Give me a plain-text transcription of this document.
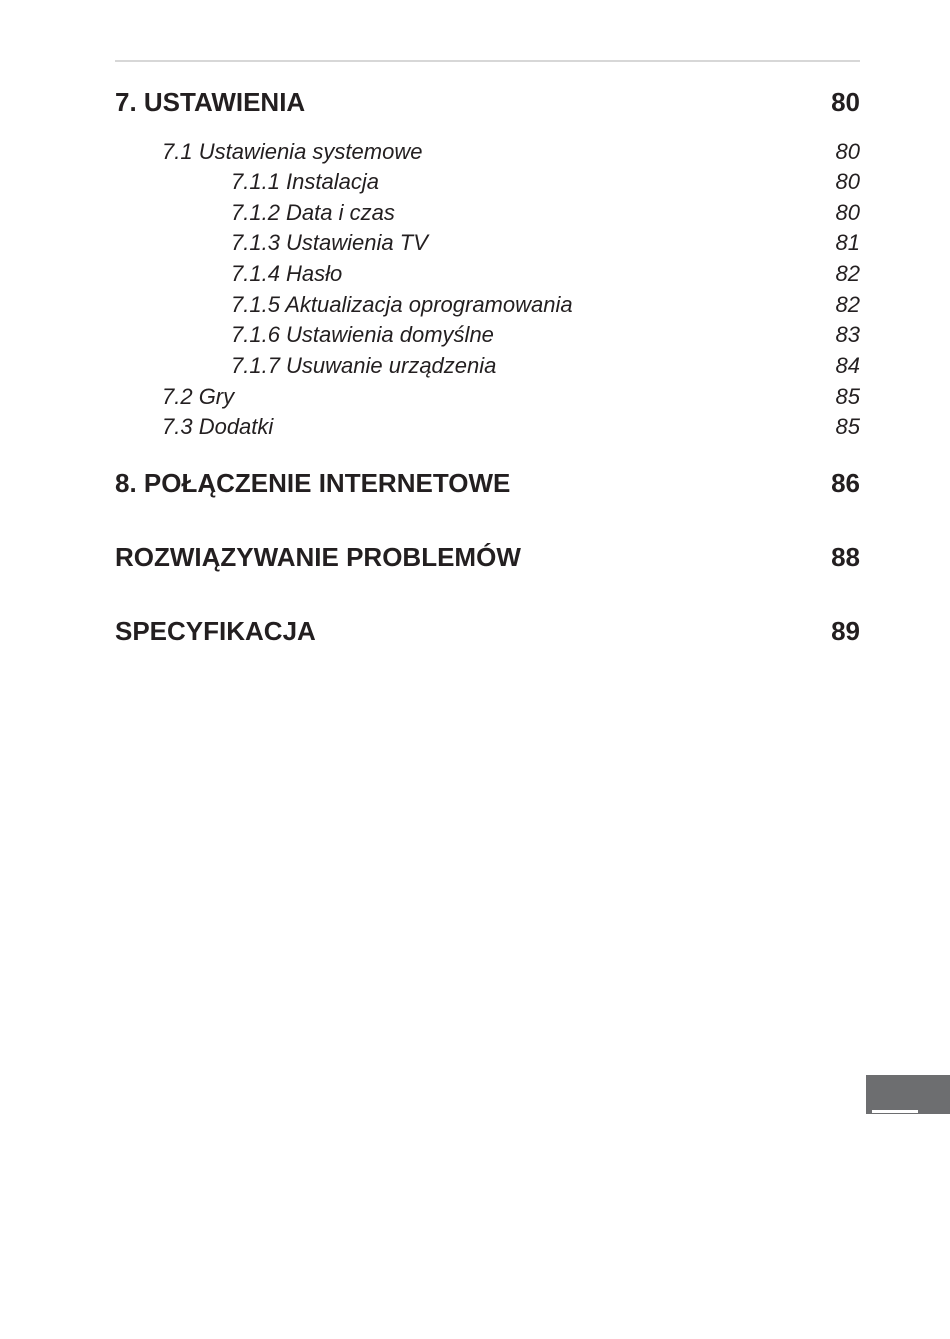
7. USTAWIENIA	80
7.1 Ustawienia systemowe	80
7.1.1 Instalacja	80
7.1.2 Data i czas	80
7.1.3 Ustawienia TV	81
7.1.4 Hasło	82
7.1.5 Aktualizacja oprogramowania	82
7.1.6 Ustawienia domyślne	83
7.1.7 Usuwanie urządzenia	84
7.2 Gry	85
7.3 Dodatki	85
8. POŁĄCZENIE INTERNETOWE	86
ROZWIĄZYWANIE PROBLEMÓW	88
SPECYFIKACJA	89
